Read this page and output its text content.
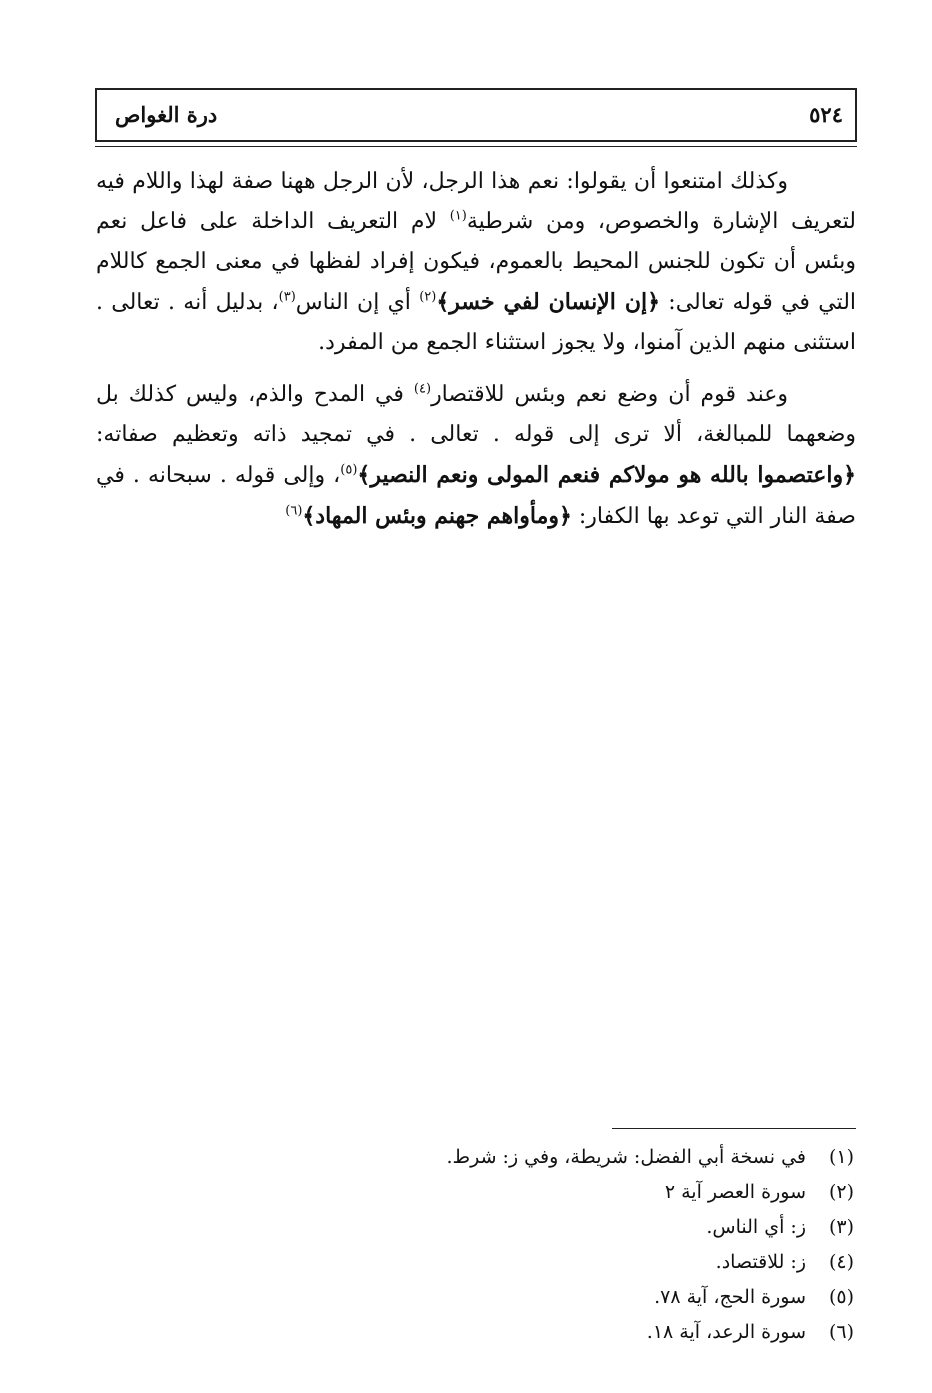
٥٢٤
درة الغواص

وكذلك امتنعوا أن يقولوا: نعم هذا الرجل، لأن الرجل ههنا صفة لهذا واللام فيه لتعريف الإشارة والخصوص، ومن شرطية$^{(١)}$ لام التعريف الداخلة على فاعل نعم وبئس أن تكون للجنس المحيط بالعموم، فيكون إفراد لفظها في معنى الجمع كاللام التي في قوله تعالى: ﴿إن الإنسان لفي خسر﴾$^{(٢)}$ أي إن الناس$^{(٣)}$، بدليل أنه . تعالى . استثنى منهم الذين آمنوا، ولا يجوز استثناء الجمع من المفرد.

وعند قوم أن وضع نعم وبئس للاقتصار$^{(٤)}$ في المدح والذم، وليس كذلك بل وضعهما للمبالغة، ألا ترى إلى قوله . تعالى . في تمجيد ذاته وتعظيم صفاته: ﴿واعتصموا بالله هو مولاكم فنعم المولى ونعم النصير﴾$^{(٥)}$، وإلى قوله . سبحانه . في صفة النار التي توعد بها الكفار: ﴿ومأواهم جهنم وبئس المهاد﴾$^{(٦)}$

(١)في نسخة أبي الفضل: شريطة، وفي ز: شرط.
(٢)سورة العصر آية ٢
(٣)ز: أي الناس.
(٤)ز: للاقتصاد.
(٥)سورة الحج، آية ٧٨.
(٦)سورة الرعد، آية ١٨.
